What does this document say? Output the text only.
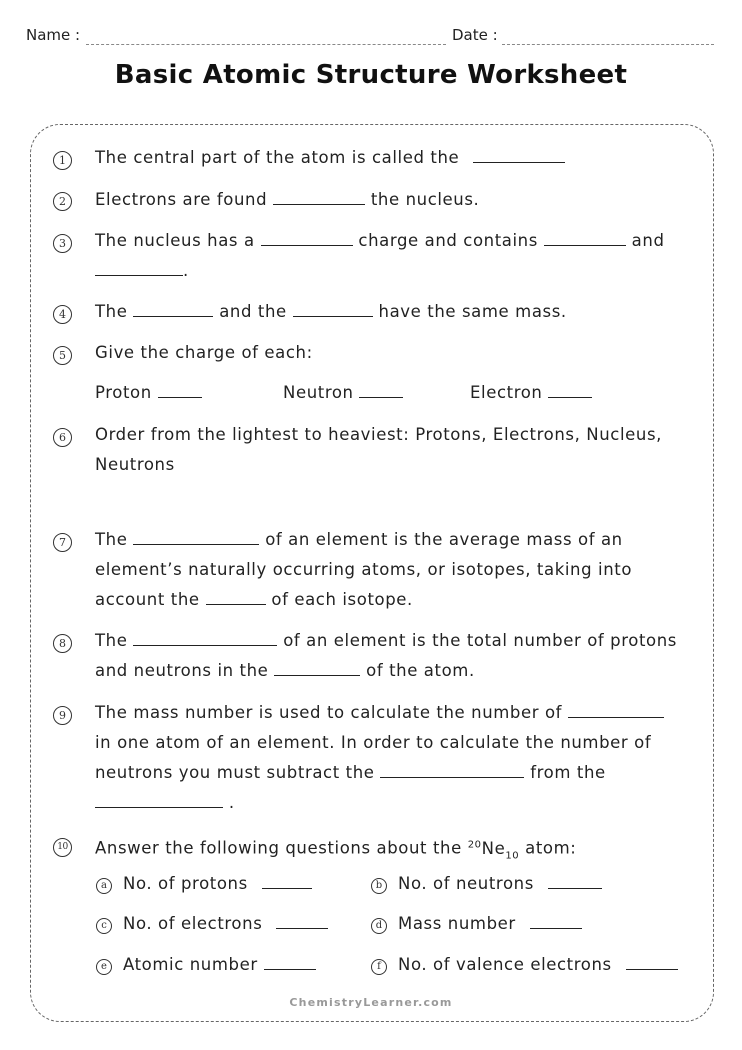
Name :	Date :
Basic Atomic Structure Worksheet
1	The central part of the atom is called the
2	Electrons are found	the nucleus.
3	The nucleus has a	charge and contains	and
.
4	The	and the	have the same mass.
5	Give the charge of each:
Proton	Neutron	Electron
6	Order from the lightest to heaviest: Protons, Electrons, Nucleus,
Neutrons
7	The	of an element is the average mass of an
element’s naturally occurring atoms, or isotopes, taking into
account the	of each isotope.
8	The	of an element is the total number of protons
and neutrons in the	of the atom.
9	The mass number is used to calculate the number of
in one atom of an element. In order to calculate the number of
neutrons you must subtract the	from the
.
10 Answer the following questions about the $^{20}Ne_{10}$ atom:
a No. of protons	b No. of neutrons
c No. of electrons	d Mass number
e Atomic number	f	No. of valence electrons
ChemistryLearner.com
